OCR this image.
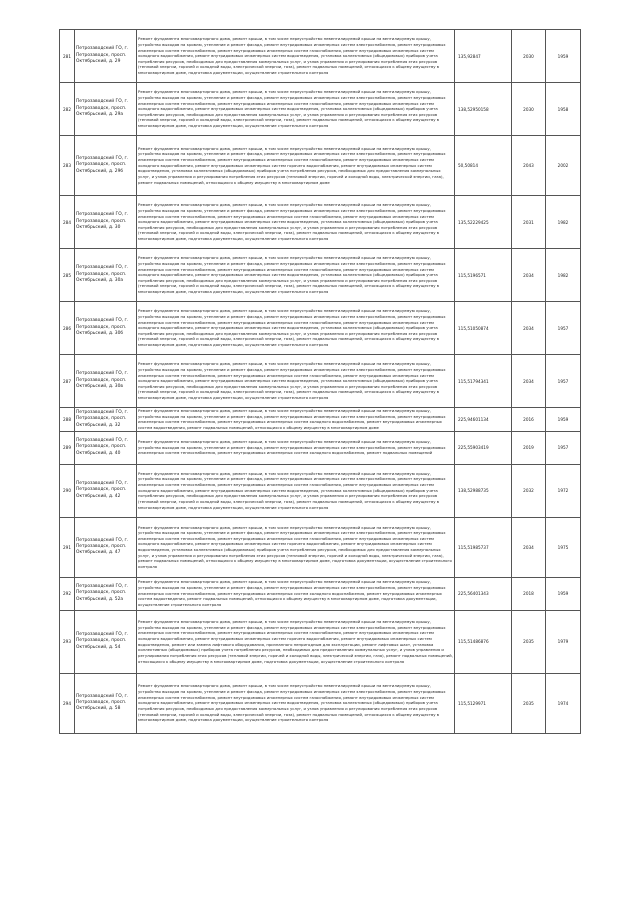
281	Петрозаводский ГО, г. Петрозаводск, просп. Октябрьский, д. 29	Ремонт фундамента многоквартирного дома, ремонт крыши, в том числе переустройство невентилируемой крыши на вентилируемую крышу, устройство выходов на кровлю, утепление и ремонт фасада, ремонт внутридомовых инженерных систем электроснабжения, ремонт внутридомовых инженерных систем теплоснабжения, ремонт внутридомовых инженерных систем газоснабжения, ремонт внутридомовых инженерных систем холодного водоснабжения, ремонт внутридомовых инженерных систем водоотведения, установка коллективных (общедомовых) приборов учета потребления ресурсов, необходимых для предоставления коммунальных услуг, и узлов управления и регулирования потребления этих ресурсов (тепловой энергии, горячей и холодной воды, электрической энергии, газа), ремонт подвальных помещений, относящихся к общему имуществу в многоквартирном доме, подготовка документации, осуществление строительного контроля	135,92847	2030	1959
282	Петрозаводский ГО, г. Петрозаводск, просп. Октябрьский, д. 29а	Ремонт фундамента многоквартирного дома, ремонт крыши, в том числе переустройство невентилируемой крыши на вентилируемую крышу, устройство выходов на кровлю, утепление и ремонт фасада, ремонт внутридомовых инженерных систем электроснабжения, ремонт внутридомовых инженерных систем теплоснабжения, ремонт внутридомовых инженерных систем газоснабжения, ремонт внутридомовых инженерных систем холодного водоснабжения, ремонт внутридомовых инженерных систем водоотведения, установка коллективных (общедомовых) приборов учета потребления ресурсов, необходимых для предоставления коммунальных услуг, и узлов управления и регулирования потребления этих ресурсов (тепловой энергии, горячей и холодной воды, электрической энергии, газа), ремонт подвальных помещений, относящихся к общему имуществу в многоквартирном доме, подготовка документации, осуществление строительного контроля	138,52950158	2030	1958
283	Петрозаводский ГО, г. Петрозаводск, просп. Октябрьский, д. 29б	Ремонт фундамента многоквартирного дома, ремонт крыши, в том числе переустройство невентилируемой крыши на вентилируемую крышу, устройство выходов на кровлю, утепление и ремонт фасада, ремонт внутридомовых инженерных систем электроснабжения, ремонт внутридомовых инженерных систем теплоснабжения, ремонт внутридомовых инженерных систем газоснабжения, ремонт внутридомовых инженерных систем холодного водоснабжения, ремонт внутридомовых инженерных систем горячего водоснабжения, ремонт внутридомовых инженерных систем водоотведения, установка коллективных (общедомовых) приборов учета потребления ресурсов, необходимых для предоставления коммунальных услуг, и узлов управления и регулирования потребления этих ресурсов (тепловой энергии, горячей и холодной воды, электрической энергии, газа), ремонт подвальных помещений, относящихся к общему имуществу в многоквартирном доме	50,50814	2043	2002
284	Петрозаводский ГО, г. Петрозаводск, просп. Октябрьский, д. 30	Ремонт фундамента многоквартирного дома, ремонт крыши, в том числе переустройство невентилируемой крыши на вентилируемую крышу, устройство выходов на кровлю, утепление и ремонт фасада, ремонт внутридомовых инженерных систем электроснабжения, ремонт внутридомовых инженерных систем теплоснабжения, ремонт внутридомовых инженерных систем газоснабжения, ремонт внутридомовых инженерных систем холодного водоснабжения, ремонт внутридомовых инженерных систем водоотведения, установка коллективных (общедомовых) приборов учета потребления ресурсов, необходимых для предоставления коммунальных услуг, и узлов управления и регулирования потребления этих ресурсов (тепловой энергии, горячей и холодной воды, электрической энергии, газа), ремонт подвальных помещений, относящихся к общему имуществу в многоквартирном доме, подготовка документации, осуществление строительного контроля	135,52229425	2031	1982
285	Петрозаводский ГО, г. Петрозаводск, просп. Октябрьский, д. 30а	Ремонт фундамента многоквартирного дома, ремонт крыши, в том числе переустройство невентилируемой крыши на вентилируемую крышу, устройство выходов на кровлю, утепление и ремонт фасада, ремонт внутридомовых инженерных систем электроснабжения, ремонт внутридомовых инженерных систем теплоснабжения, ремонт внутридомовых инженерных систем газоснабжения, ремонт внутридомовых инженерных систем холодного водоснабжения, ремонт внутридомовых инженерных систем водоотведения, установка коллективных (общедомовых) приборов учета потребления ресурсов, необходимых для предоставления коммунальных услуг, и узлов управления и регулирования потребления этих ресурсов (тепловой энергии, горячей и холодной воды, электрической энергии, газа), ремонт подвальных помещений, относящихся к общему имуществу в многоквартирном доме, подготовка документации, осуществление строительного контроля	115,5196571	2034	1982
286	Петрозаводский ГО, г. Петрозаводск, просп. Октябрьский, д. 30б	Ремонт фундамента многоквартирного дома, ремонт крыши, в том числе переустройство невентилируемой крыши на вентилируемую крышу, устройство выходов на кровлю, утепление и ремонт фасада, ремонт внутридомовых инженерных систем электроснабжения, ремонт внутридомовых инженерных систем теплоснабжения, ремонт внутридомовых инженерных систем газоснабжения, ремонт внутридомовых инженерных систем холодного водоснабжения, ремонт внутридомовых инженерных систем водоотведения, установка коллективных (общедомовых) приборов учета потребления ресурсов, необходимых для предоставления коммунальных услуг, и узлов управления и регулирования потребления этих ресурсов (тепловой энергии, горячей и холодной воды, электрической энергии, газа), ремонт подвальных помещений, относящихся к общему имуществу в многоквартирном доме, подготовка документации, осуществление строительного контроля	115,51050874	2034	1957
287	Петрозаводский ГО, г. Петрозаводск, просп. Октябрьский, д. 30в	Ремонт фундамента многоквартирного дома, ремонт крыши, в том числе переустройство невентилируемой крыши на вентилируемую крышу, устройство выходов на кровлю, утепление и ремонт фасада, ремонт внутридомовых инженерных систем электроснабжения, ремонт внутридомовых инженерных систем теплоснабжения, ремонт внутридомовых инженерных систем газоснабжения, ремонт внутридомовых инженерных систем холодного водоснабжения, ремонт внутридомовых инженерных систем водоотведения, установка коллективных (общедомовых) приборов учета потребления ресурсов, необходимых для предоставления коммунальных услуг, и узлов управления и регулирования потребления этих ресурсов (тепловой энергии, горячей и холодной воды, электрической энергии, газа), ремонт подвальных помещений, относящихся к общему имуществу в многоквартирном доме, подготовка документации, осуществление строительного контроля	115,51794341	2034	1957
288	Петрозаводский ГО, г. Петрозаводск, просп. Октябрьский, д. 32	Ремонт фундамента многоквартирного дома, ремонт крыши, в том числе переустройство невентилируемой крыши на вентилируемую крышу, устройство выходов на кровлю, утепление и ремонт фасада, ремонт внутридомовых инженерных систем электроснабжения, ремонт внутридомовых инженерных систем теплоснабжения, ремонт внутридомовых инженерных систем холодного водоснабжения, ремонт внутридомовых инженерных систем водоотведения, ремонт подвальных помещений, относящихся к общему имуществу в многоквартирном доме	225,94601134	2016	1959
289	Петрозаводский ГО, г. Петрозаводск, просп. Октябрьский, д. 40	Ремонт фундамента многоквартирного дома, ремонт крыши, в том числе переустройство невентилируемой крыши на вентилируемую крышу, устройство выходов на кровлю, утепление и ремонт фасада, ремонт внутридомовых инженерных систем электроснабжения, ремонт внутридомовых инженерных систем теплоснабжения, ремонт внутридомовых инженерных систем холодного водоснабжения, ремонт подвальных помещений	225,55903419	2019	1957
290	Петрозаводский ГО, г. Петрозаводск, просп. Октябрьский, д. 42	Ремонт фундамента многоквартирного дома, ремонт крыши, в том числе переустройство невентилируемой крыши на вентилируемую крышу, устройство выходов на кровлю, утепление и ремонт фасада, ремонт внутридомовых инженерных систем электроснабжения, ремонт внутридомовых инженерных систем теплоснабжения, ремонт внутридомовых инженерных систем газоснабжения, ремонт внутридомовых инженерных систем холодного водоснабжения, ремонт внутридомовых инженерных систем водоотведения, установка коллективных (общедомовых) приборов учета потребления ресурсов, необходимых для предоставления коммунальных услуг, и узлов управления и регулирования потребления этих ресурсов (тепловой энергии, горячей и холодной воды, электрической энергии, газа), ремонт подвальных помещений, относящихся к общему имуществу в многоквартирном доме, подготовка документации, осуществление строительного контроля	138,52988735	2032	1972
291	Петрозаводский ГО, г. Петрозаводск, просп. Октябрьский, д. 47	Ремонт фундамента многоквартирного дома, ремонт крыши, в том числе переустройство невентилируемой крыши на вентилируемую крышу, устройство выходов на кровлю, утепление и ремонт фасада, ремонт внутридомовых инженерных систем электроснабжения, ремонт внутридомовых инженерных систем теплоснабжения, ремонт внутридомовых инженерных систем газоснабжения, ремонт внутридомовых инженерных систем холодного водоснабжения, ремонт внутридомовых инженерных систем горячего водоснабжения, ремонт внутридомовых инженерных систем водоотведения, установка коллективных (общедомовых) приборов учета потребления ресурсов, необходимых для предоставления коммунальных услуг, и узлов управления и регулирования потребления этих ресурсов (тепловой энергии, горячей и холодной воды, электрической энергии, газа), ремонт подвальных помещений, относящихся к общему имуществу в многоквартирном доме, подготовка документации, осуществление строительного контроля	115,51985737	2034	1975
292	Петрозаводский ГО, г. Петрозаводск, просп. Октябрьский, д. 52а	Ремонт фундамента многоквартирного дома, ремонт крыши, в том числе переустройство невентилируемой крыши на вентилируемую крышу, устройство выходов на кровлю, утепление и ремонт фасада, ремонт внутридомовых инженерных систем электроснабжения, ремонт внутридомовых инженерных систем теплоснабжения, ремонт внутридомовых инженерных систем холодного водоснабжения, ремонт внутридомовых инженерных систем водоотведения, ремонт подвальных помещений, относящихся к общему имуществу в многоквартирном доме, подготовка документации, осуществление строительного контроля	225,56401343	2018	1959
293	Петрозаводский ГО, г. Петрозаводск, просп. Октябрьский, д. 54	Ремонт фундамента многоквартирного дома, ремонт крыши, в том числе переустройство невентилируемой крыши на вентилируемую крышу, устройство выходов на кровлю, утепление и ремонт фасада, ремонт внутридомовых инженерных систем электроснабжения, ремонт внутридомовых инженерных систем теплоснабжения, ремонт внутридомовых инженерных систем газоснабжения, ремонт внутридомовых инженерных систем холодного водоснабжения, ремонт внутридомовых инженерных систем горячего водоснабжения, ремонт внутридомовых инженерных систем водоотведения, ремонт или замена лифтового оборудования, признанного непригодным для эксплуатации, ремонт лифтовых шахт, установка коллективных (общедомовых) приборов учета потребления ресурсов, необходимых для предоставления коммунальных услуг, и узлов управления и регулирования потребления этих ресурсов (тепловой энергии, горячей и холодной воды, электрической энергии, газа), ремонт подвальных помещений, относящихся к общему имуществу в многоквартирном доме, подготовка документации, осуществление строительного контроля	115,51486876	2035	1979
294	Петрозаводский ГО, г. Петрозаводск, просп. Октябрьский, д. 58	Ремонт фундамента многоквартирного дома, ремонт крыши, в том числе переустройство невентилируемой крыши на вентилируемую крышу, устройство выходов на кровлю, утепление и ремонт фасада, ремонт внутридомовых инженерных систем электроснабжения, ремонт внутридомовых инженерных систем теплоснабжения, ремонт внутридомовых инженерных систем газоснабжения, ремонт внутридомовых инженерных систем холодного водоснабжения, ремонт внутридомовых инженерных систем водоотведения, установка коллективных (общедомовых) приборов учета потребления ресурсов, необходимых для предоставления коммунальных услуг, и узлов управления и регулирования потребления этих ресурсов (тепловой энергии, горячей и холодной воды, электрической энергии, газа), ремонт подвальных помещений, относящихся к общему имуществу в многоквартирном доме, подготовка документации, осуществление строительного контроля	115,5129971	2035	1974
